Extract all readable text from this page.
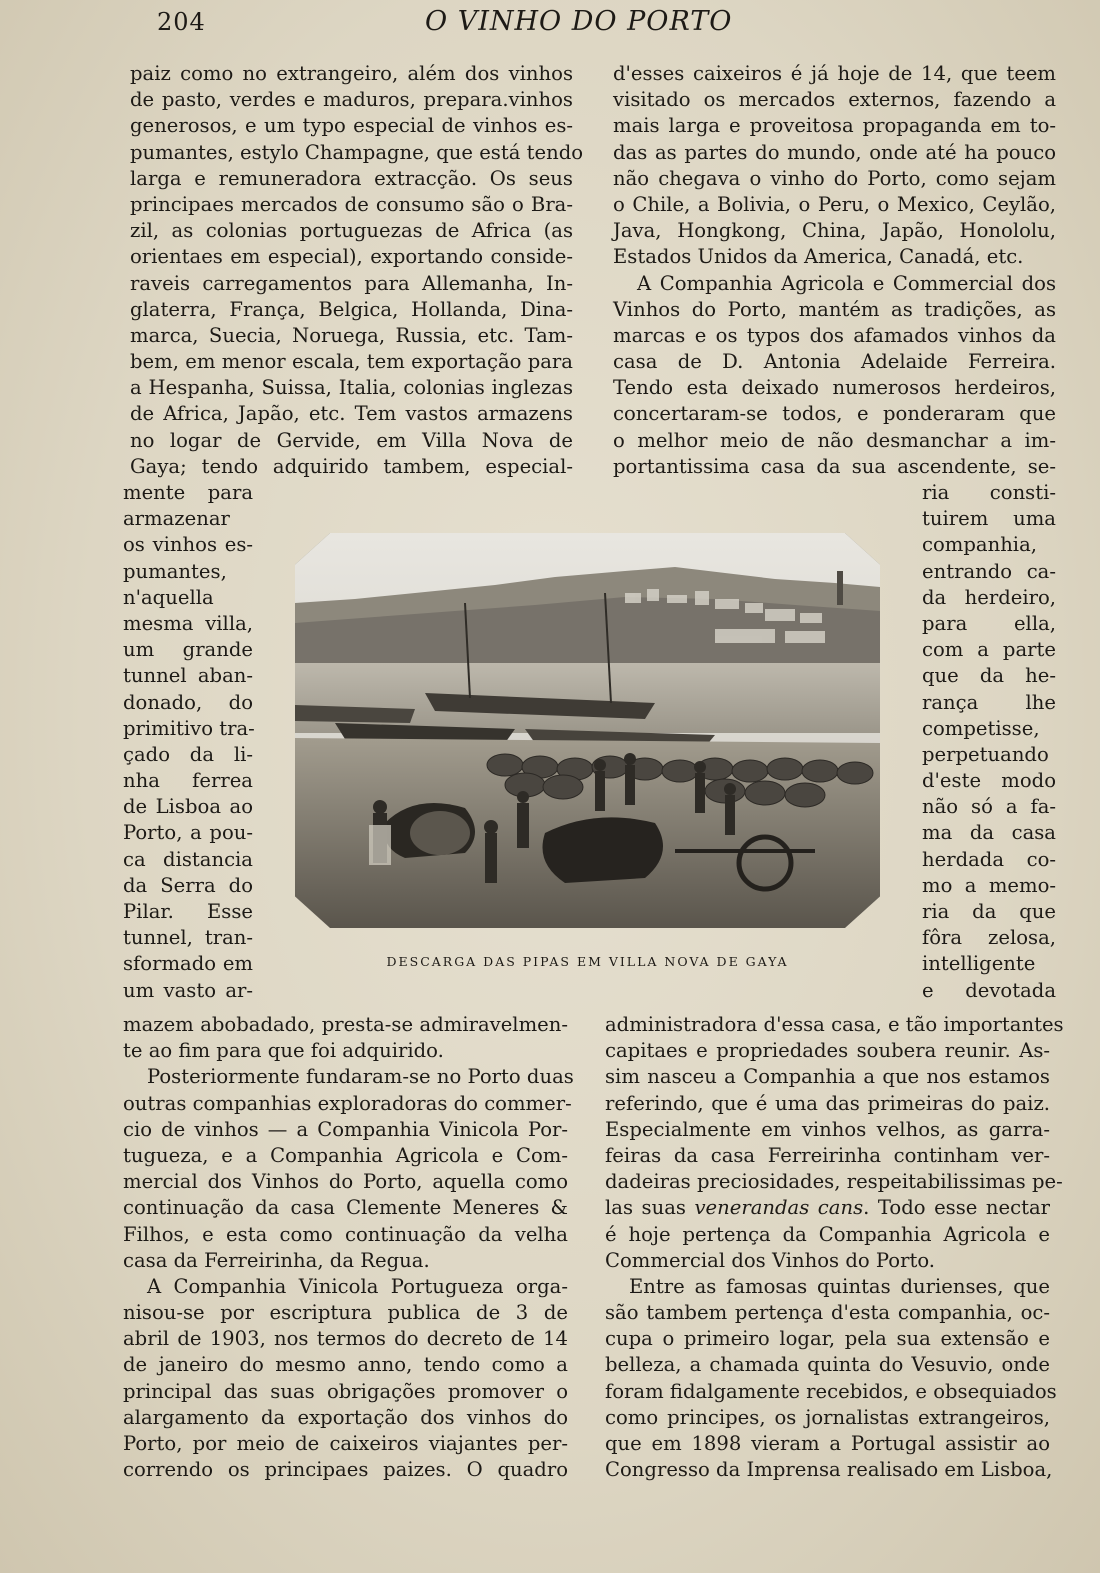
204	O VINHO DO PORTO
paiz como no extrangeiro, além dos vinhos
de pasto, verdes e maduros, prepara.vinhos
generosos, e um typo especial de vinhos es-
pumantes, estylo Champagne, que está tendo
larga e remuneradora extracção. Os seus
principaes mercados de consumo são o Bra-
zil, as colonias portuguezas de Africa (as
orientaes em especial), exportando conside-
raveis carregamentos para Allemanha, In-
glaterra, França, Belgica, Hollanda, Dina-
marca, Suecia, Noruega, Russia, etc. Tam-
bem, em menor escala, tem exportação para
a Hespanha, Suissa, Italia, colonias inglezas
de Africa, Japão, etc. Tem vastos armazens
no logar de Gervide, em Villa Nova de
Gaya; tendo adquirido tambem, especial-
mente para
armazenar
os vinhos es-
pumantes,
n'aquella
mesma villa,
um grande
tunnel aban-
donado, do
primitivo tra-
çado da li-
nha ferrea
de Lisboa ao
Porto, a pou-
ca distancia
da Serra do
Pilar. Esse
tunnel, tran-
sformado em
um vasto ar-
mazem abobadado, presta-se admiravelmen-
te ao fim para que foi adquirido.
Posteriormente fundaram-se no Porto duas
outras companhias exploradoras do commer-
cio de vinhos — a Companhia Vinicola Por-
tugueza, e a Companhia Agricola e Com-
mercial dos Vinhos do Porto, aquella como
continuação da casa Clemente Meneres &
Filhos, e esta como continuação da velha
casa da Ferreirinha, da Regua.
A Companhia Vinicola Portugueza orga-
nisou-se por escriptura publica de 3 de
abril de 1903, nos termos do decreto de 14
de janeiro do mesmo anno, tendo como a
principal das suas obrigações promover o
alargamento da exportação dos vinhos do
Porto, por meio de caixeiros viajantes per-
correndo os principaes paizes. O quadro
d'esses caixeiros é já hoje de 14, que teem
visitado os mercados externos, fazendo a
mais larga e proveitosa propaganda em to-
das as partes do mundo, onde até ha pouco
não chegava o vinho do Porto, como sejam
o Chile, a Bolivia, o Peru, o Mexico, Ceylão,
Java, Hongkong, China, Japão, Honololu,
Estados Unidos da America, Canadá, etc.
A Companhia Agricola e Commercial dos
Vinhos do Porto, mantém as tradições, as
marcas e os typos dos afamados vinhos da
casa de D. Antonia Adelaide Ferreira.
Tendo esta deixado numerosos herdeiros,
concertaram-se todos, e ponderaram que
o melhor meio de não desmanchar a im-
portantissima casa da sua ascendente, se-
ria consti-
tuirem uma
companhia,
entrando ca-
da herdeiro,
para ella,
com a parte
que da he-
rança lhe
competisse,
perpetuando
d'este modo
não só a fa-
ma da casa
herdada co-
mo a memo-
ria da que
fôra zelosa,
intelligente
e devotada
administradora d'essa casa, e tão importantes
capitaes e propriedades soubera reunir. As-
sim nasceu a Companhia a que nos estamos
referindo, que é uma das primeiras do paiz.
Especialmente em vinhos velhos, as garra-
feiras da casa Ferreirinha continham ver-
dadeiras preciosidades, respeitabilissimas pe-
las suas venerandas cans. Todo esse nectar
é hoje pertença da Companhia Agricola e
Commercial dos Vinhos do Porto.
Entre as famosas quintas durienses, que
são tambem pertença d'esta companhia, oc-
cupa o primeiro logar, pela sua extensão e
belleza, a chamada quinta do Vesuvio, onde
foram fidalgamente recebidos, e obsequiados
como principes, os jornalistas extrangeiros,
que em 1898 vieram a Portugal assistir ao
Congresso da Imprensa realisado em Lisboa,
DESCARGA DAS PIPAS EM VILLA NOVA DE GAYA
